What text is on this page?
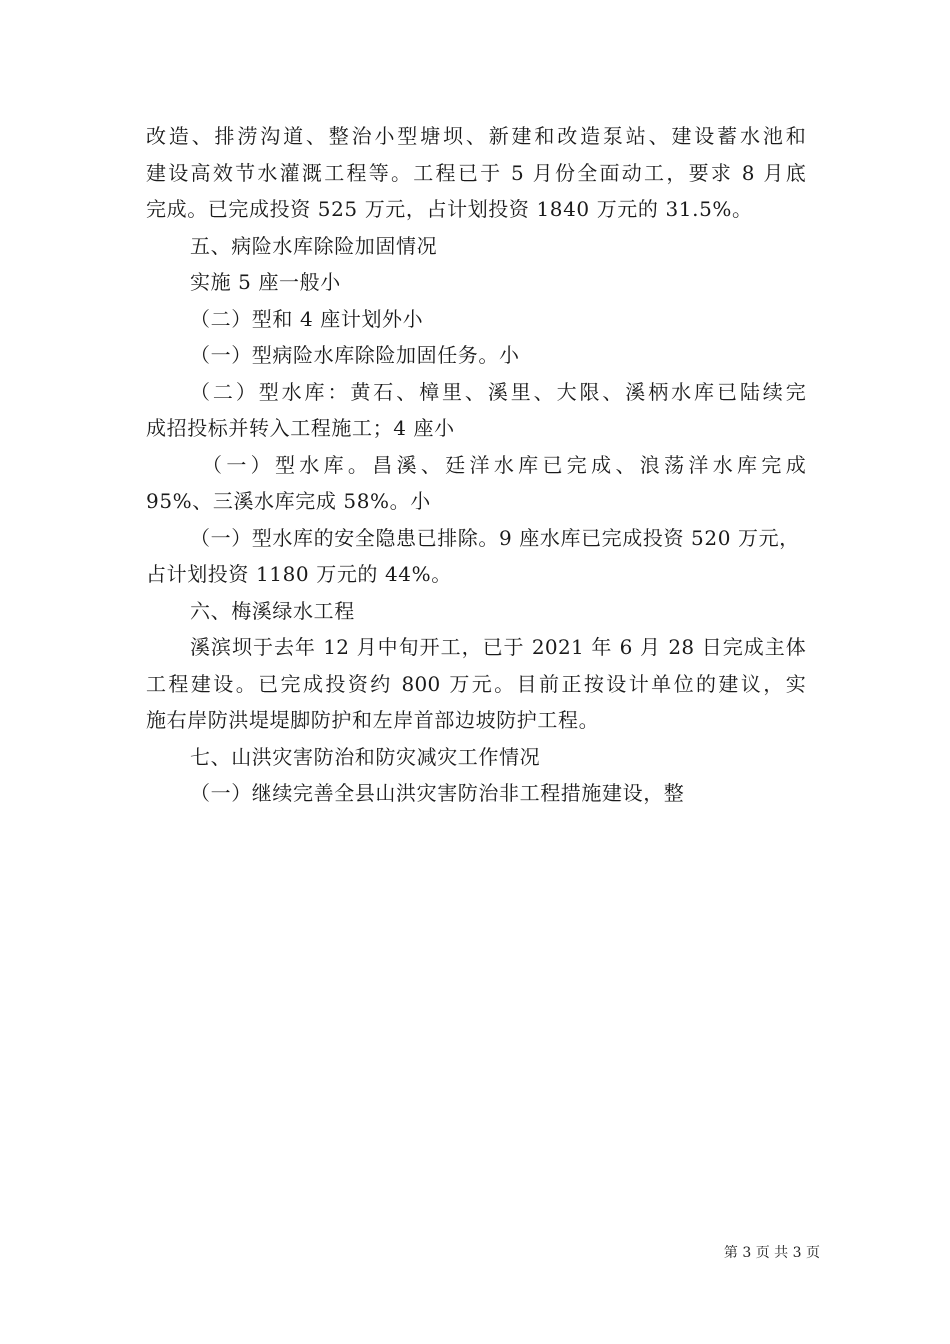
改造、排涝沟道、整治小型塘坝、新建和改造泵站、建设蓄水池和
建设高效节水灌溉工程等。工程已于 5 月份全面动工，要求 8 月底
完成。已完成投资 525 万元，占计划投资 1840 万元的 31.5%。
五、病险水库除险加固情况
实施 5 座一般小
（二）型和 4 座计划外小
（一）型病险水库除险加固任务。小
（二）型水库：黄石、樟里、溪里、大限、溪柄水库已陆续完
成招投标并转入工程施工；4 座小
（一）型水库。昌溪、廷洋水库已完成、浪荡洋水库完成
95%、三溪水库完成 58%。小
（一）型水库的安全隐患已排除。9 座水库已完成投资 520 万元，
占计划投资 1180 万元的 44%。
六、梅溪绿水工程
溪滨坝于去年 12 月中旬开工，已于 2021 年 6 月 28 日完成主体
工程建设。已完成投资约 800 万元。目前正按设计单位的建议，实
施右岸防洪堤堤脚防护和左岸首部边坡防护工程。
七、山洪灾害防治和防灾减灾工作情况
（一）继续完善全县山洪灾害防治非工程措施建设，整
第 3 页 共 3 页
